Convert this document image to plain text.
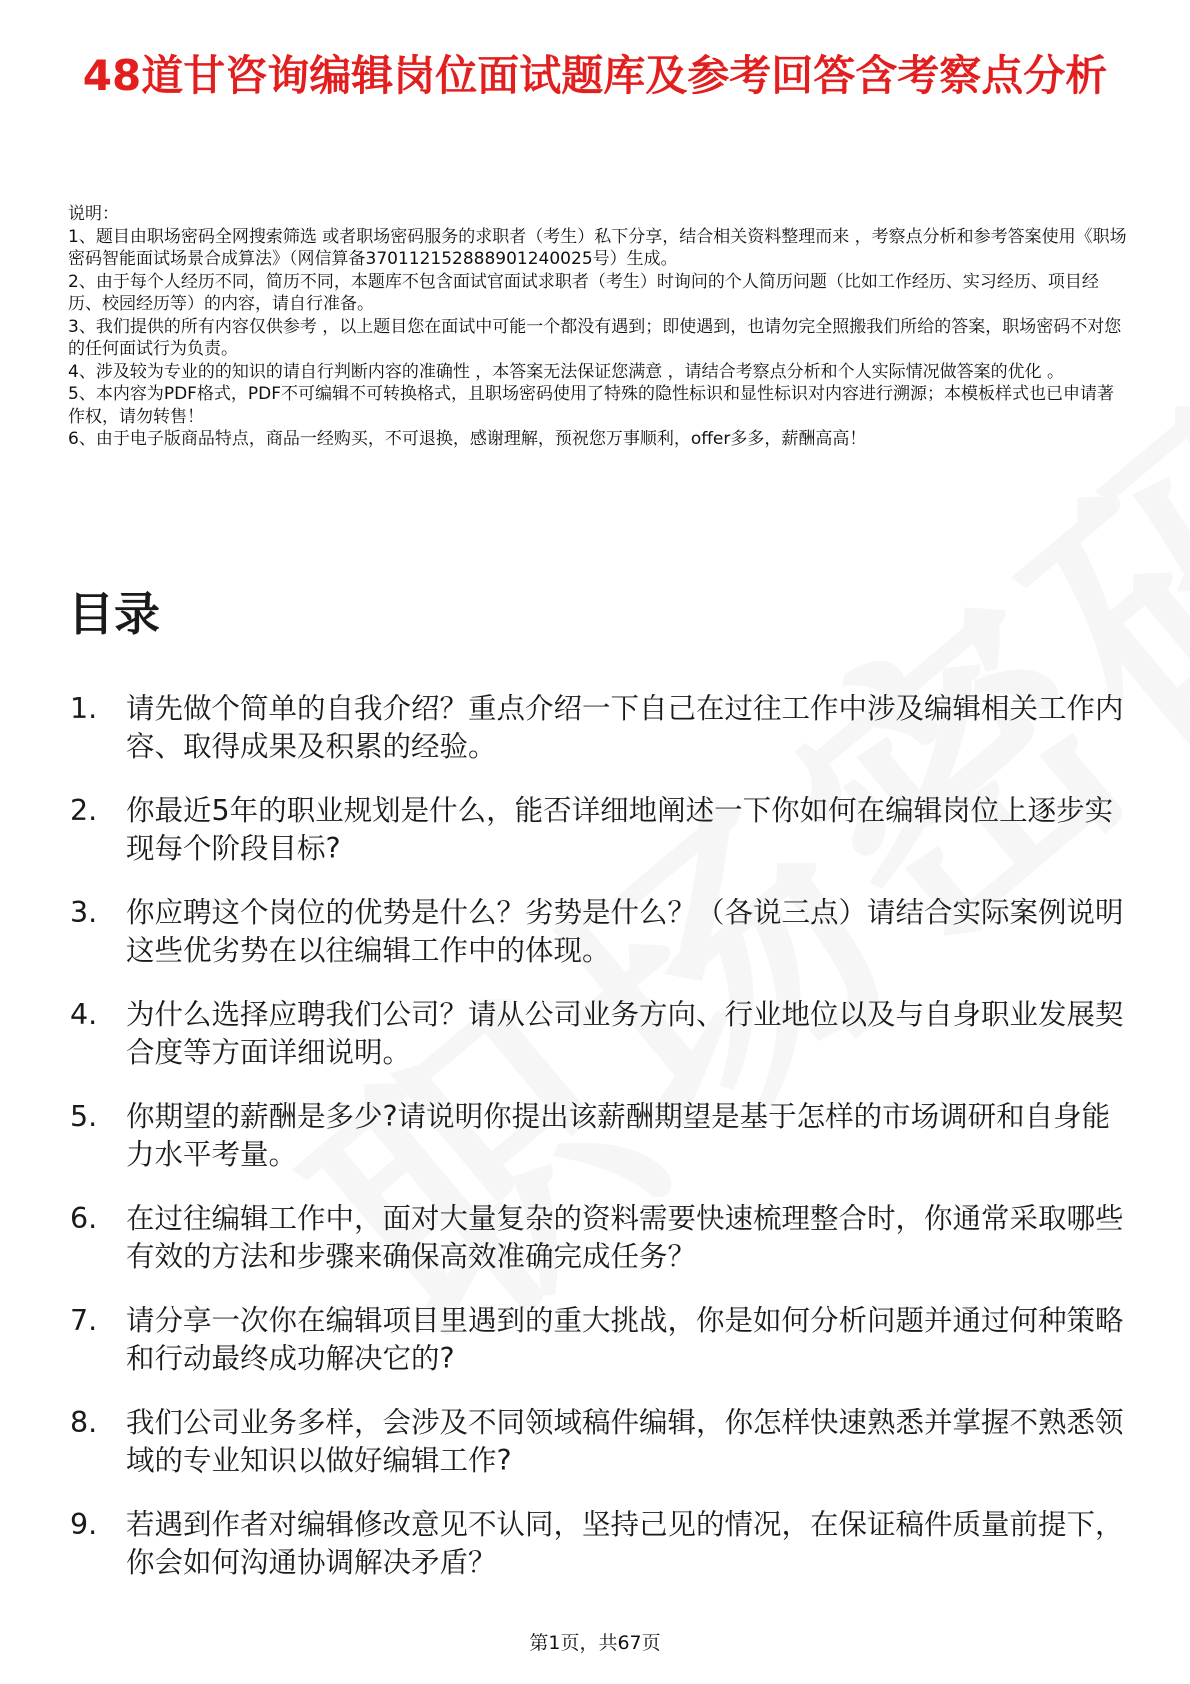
48道甘咨询编辑岗位面试题库及参考回答含考察点分析
说明：

1、题目由职场密码全网搜索筛选 或者职场密码服务的求职者（考生）私下分享，结合相关资料整理而来 ，考察点分析和参考答案使用《职场密码智能面试场景合成算法》（网信算备370112152888901240025号）生成。

2、由于每个人经历不同，简历不同，本题库不包含面试官面试求职者（考生）时询问的个人简历问题（比如工作经历、实习经历、项目经历、校园经历等）的内容，请自行准备。

3、我们提供的所有内容仅供参考 ，以上题目您在面试中可能一个都没有遇到；即使遇到，也请勿完全照搬我们所给的答案，职场密码不对您的任何面试行为负责。

4、涉及较为专业的的知识的请自行判断内容的准确性 ，本答案无法保证您满意 ，请结合考察点分析和个人实际情况做答案的优化 。

5、本内容为PDF格式，PDF不可编辑不可转换格式，且职场密码使用了特殊的隐性标识和显性标识对内容进行溯源；本模板样式也已申请著作权，请勿转售！

6、由于电子版商品特点，商品一经购买，不可退换，感谢理解，预祝您万事顺利，offer多多，薪酬高高！

目录
1.	请先做个简单的自我介绍？重点介绍一下自己在过往工作中涉及编辑相关工作内容、取得成果及积累的经验。
2.	你最近5年的职业规划是什么，能否详细地阐述一下你如何在编辑岗位上逐步实现每个阶段目标?
3.	你应聘这个岗位的优势是什么？劣势是什么？（各说三点）请结合实际案例说明这些优劣势在以往编辑工作中的体现。
4.	为什么选择应聘我们公司？请从公司业务方向、行业地位以及与自身职业发展契合度等方面详细说明。
5.	你期望的薪酬是多少?请说明你提出该薪酬期望是基于怎样的市场调研和自身能力水平考量。
6.	在过往编辑工作中，面对大量复杂的资料需要快速梳理整合时，你通常采取哪些有效的方法和步骤来确保高效准确完成任务？
7.	请分享一次你在编辑项目里遇到的重大挑战，你是如何分析问题并通过何种策略和行动最终成功解决它的?
8.	我们公司业务多样，会涉及不同领域稿件编辑，你怎样快速熟悉并掌握不熟悉领域的专业知识以做好编辑工作?
9.	若遇到作者对编辑修改意见不认同，坚持己见的情况，在保证稿件质量前提下，你会如何沟通协调解决矛盾？
第1页，共67页
